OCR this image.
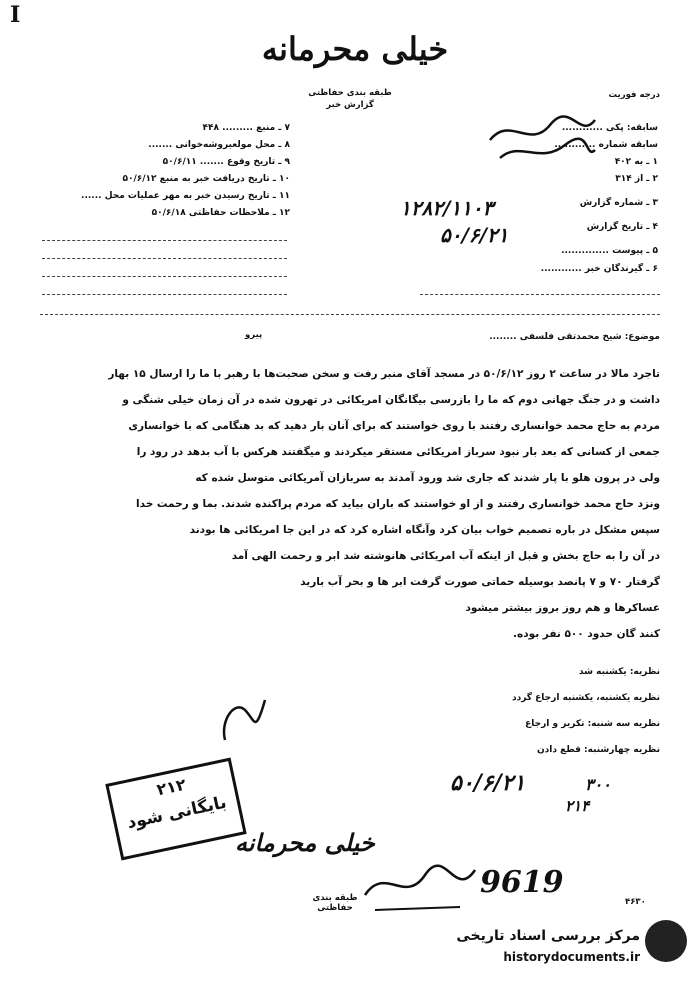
I
خیلی محرمانه
طبقه بندی حفاظتی
گزارش خبر
درجه فوریت
۷ ـ منبع ......... ۴۴۸
۸ ـ محل مولعیروشه‌خوانی .......
۹ ـ تاریخ وقوع ....... ۵۰/۶/۱۱
۱۰ ـ تاریخ دریافت خبر به منبع ۵۰/۶/۱۲
۱۱ ـ تاریخ رسیدن خبر به مهر عملیات محل ......
۱۲ ـ ملاحظات حفاظتی ۵۰/۶/۱۸
سابقه: پکی ............
سابقه شماره ............
۱ ـ به ۴۰۲
۲ ـ از ۳۱۴
۳ ـ شماره گزارش
۱۲۸۲/۱۱۰۳
۴ ـ تاریخ گزارش
۵۰/۶/۲۱
۵ ـ پیوست ..............
۶ ـ گیرندگان خبر ............
موضوع: شیخ محمدتقی فلسفی ........
پیرو
تاجرد مالا در ساعت ۲ روز ۵۰/۶/۱۲ در مسجد آقای منبر رفت و سخن صحبت‌ها با رهبر با ما را ارسال ۱۵ بهار
داشت و در جنگ جهانی دوم که ما را بازرسی بیگانگان امریکائی در تهرون شده در آن زمان خیلی شنگی و
مردم به حاج محمد خوانساری رفتند با روی خواستند که برای آنان بار دهید که بد هنگامی که با خوانساری
جمعی از کسانی که بعد بار نبود سرباز امریکائی مستقر میکردند و میگفتند هرکس با آب بدهد در رود را
ولی در پرون هلو با پار شدند که جاری شد ورود آمدند به سربازان آمریکائی متوسل شده که
ونزد حاج محمد خوانساری رفتند و از او خواستند که باران بیاید که مردم پراکنده شدند. بما و رحمت خدا
سپس مشکل در باره تصمیم خواب بیان کرد وآنگاه اشاره کرد که در این جا امریکائی ها بودند
در آن را به حاج بخش و قبل از اینکه آب امریکائی هانوشته شد ابر و رحمت الهی آمد
گرفتار ۷۰ و ۷ پانصد بوسیله حماتی صورت گرفت ابر ها و بحر آب بارید
عساکرها و هم روز بروز بیشتر میشود
کنند گان حدود ۵۰۰ نفر بوده.
نظریه: یکشنبه شد
نظریه یکشنبه، یکشنبه ارجاع گردد
نظریه سه شنبه: تکریر و ارجاع
نظریه چهارشنبه: قطع دادن
۵۰/۶/۲۱	۳۰۰
۲۱۴
۲۱۲
بایگانی شود
خیلی محرمانه
طبقه بندی حفاظتی
9619
۴۶۳۰
مرکز بررسی اسناد تاریخی
historydocuments.ir
